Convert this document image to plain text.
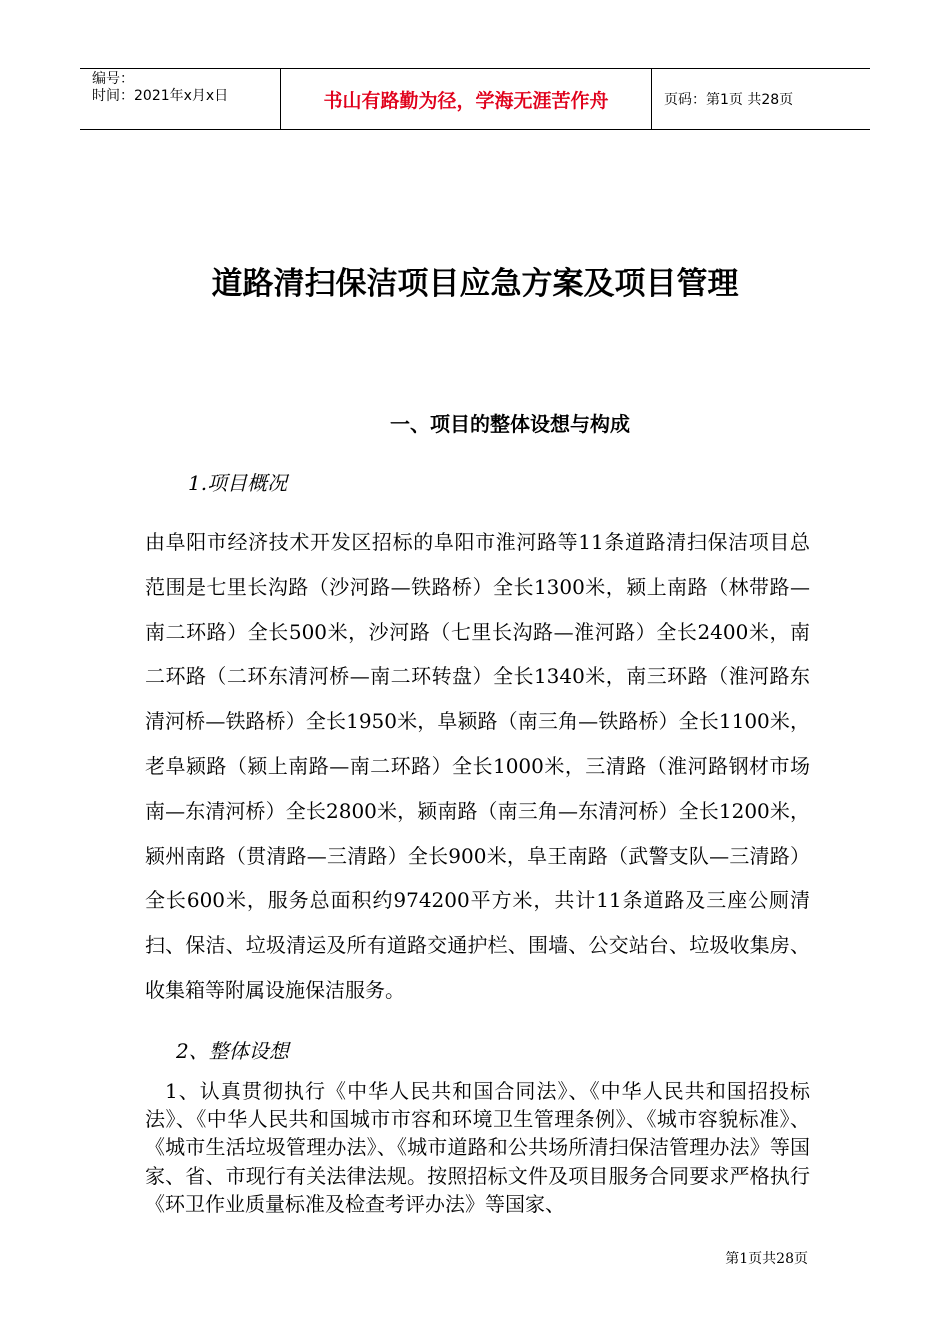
编号：
时间：2021年x月x日	书山有路勤为径，学海无涯苦作舟	页码：第1页 共28页
道路清扫保洁项目应急方案及项目管理
一、项目的整体设想与构成
1.项目概况
由阜阳市经济技术开发区招标的阜阳市淮河路等11条道路清扫保洁项目总范围是七里长沟路（沙河路—铁路桥）全长1300米，颍上南路（林带路—南二环路）全长500米，沙河路（七里长沟路—淮河路）全长2400米，南二环路（二环东清河桥—南二环转盘）全长1340米，南三环路（淮河路东清河桥—铁路桥）全长1950米，阜颍路（南三角—铁路桥）全长1100米，老阜颍路（颍上南路—南二环路）全长1000米，三清路（淮河路钢材市场南—东清河桥）全长2800米，颍南路（南三角—东清河桥）全长1200米，颍州南路（贯清路—三清路）全长900米，阜王南路（武警支队—三清路）全长600米，服务总面积约974200平方米，共计11条道路及三座公厕清扫、保洁、垃圾清运及所有道路交通护栏、围墙、公交站台、垃圾收集房、收集箱等附属设施保洁服务。
2、整体设想
1、认真贯彻执行《中华人民共和国合同法》、《中华人民共和国招投标法》、《中华人民共和国城市市容和环境卫生管理条例》、《城市容貌标准》、《城市生活垃圾管理办法》、《城市道路和公共场所清扫保洁管理办法》等国家、省、市现行有关法律法规。按照招标文件及项目服务合同要求严格执行《环卫作业质量标准及检查考评办法》等国家、
第1页共28页
